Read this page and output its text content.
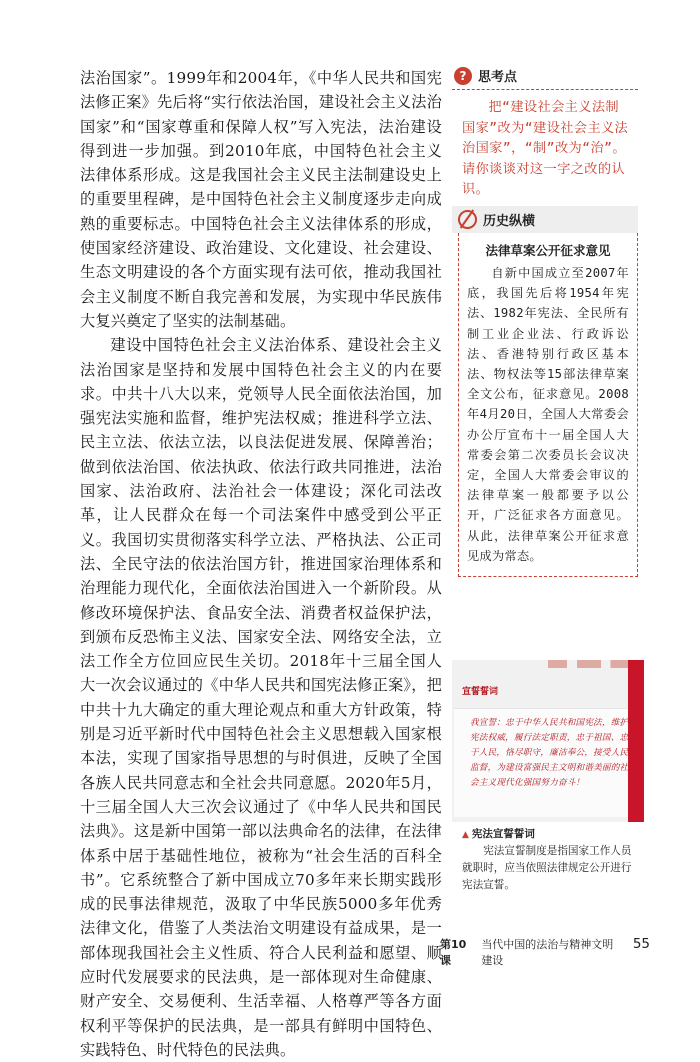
法治国家”。1999年和2004年，《中华人民共和国宪法修正案》先后将“实行依法治国，建设社会主义法治国家”和“国家尊重和保障人权”写入宪法，法治建设得到进一步加强。到2010年底，中国特色社会主义法律体系形成。这是我国社会主义民主法制建设史上的重要里程碑，是中国特色社会主义制度逐步走向成熟的重要标志。中国特色社会主义法律体系的形成，使国家经济建设、政治建设、文化建设、社会建设、生态文明建设的各个方面实现有法可依，推动我国社会主义制度不断自我完善和发展，为实现中华民族伟大复兴奠定了坚实的法制基础。

建设中国特色社会主义法治体系、建设社会主义法治国家是坚持和发展中国特色社会主义的内在要求。中共十八大以来，党领导人民全面依法治国，加强宪法实施和监督，维护宪法权威；推进科学立法、民主立法、依法立法，以良法促进发展、保障善治；做到依法治国、依法执政、依法行政共同推进，法治国家、法治政府、法治社会一体建设；深化司法改革，让人民群众在每一个司法案件中感受到公平正义。我国切实贯彻落实科学立法、严格执法、公正司法、全民守法的依法治国方针，推进国家治理体系和治理能力现代化，全面依法治国进入一个新阶段。从修改环境保护法、食品安全法、消费者权益保护法，到颁布反恐怖主义法、国家安全法、网络安全法，立法工作全方位回应民生关切。2018年十三届全国人大一次会议通过的《中华人民共和国宪法修正案》，把中共十九大确定的重大理论观点和重大方针政策，特别是习近平新时代中国特色社会主义思想载入国家根本法，实现了国家指导思想的与时俱进，反映了全国各族人民共同意志和全社会共同意愿。2020年5月，十三届全国人大三次会议通过了《中华人民共和国民法典》。这是新中国第一部以法典命名的法律，在法律体系中居于基础性地位，被称为“社会生活的百科全书”。它系统整合了新中国成立70多年来长期实践形成的民事法律规范，汲取了中华民族5000多年优秀法律文化，借鉴了人类法治文明建设有益成果，是一部体现我国社会主义性质、符合人民利益和愿望、顺应时代发展要求的民法典，是一部体现对生命健康、财产安全、交易便利、生活幸福、人格尊严等各方面权利平等保护的民法典，是一部具有鲜明中国特色、实践特色、时代特色的民法典。

? 思考点
把“建设社会主义法制国家”改为“建设社会主义法治国家”，“制”改为“治”。请你谈谈对这一字之改的认识。
历史纵横
法律草案公开征求意见
自新中国成立至2007年底，我国先后将1954年宪法、1982年宪法、全民所有制工业企业法、行政诉讼法、香港特别行政区基本法、物权法等15部法律草案全文公布，征求意见。2008年4月20日，全国人大常委会办公厅宣布十一届全国人大常委会第二次委员长会议决定，全国人大常委会审议的法律草案一般都要予以公开，广泛征求各方面意见。从此，法律草案公开征求意见成为常态。
宣誓誓词
我宣誓：忠于中华人民共和国宪法，维护宪法权威，履行法定职责，忠于祖国、忠于人民，恪尽职守，廉洁奉公，接受人民监督，为建设富强民主文明和谐美丽的社会主义现代化强国努力奋斗！
▲ 宪法宣誓誓词
宪法宣誓制度是指国家工作人员就职时，应当依照法律规定公开进行宪法宣誓。
第10课
当代中国的法治与精神文明建设
55
